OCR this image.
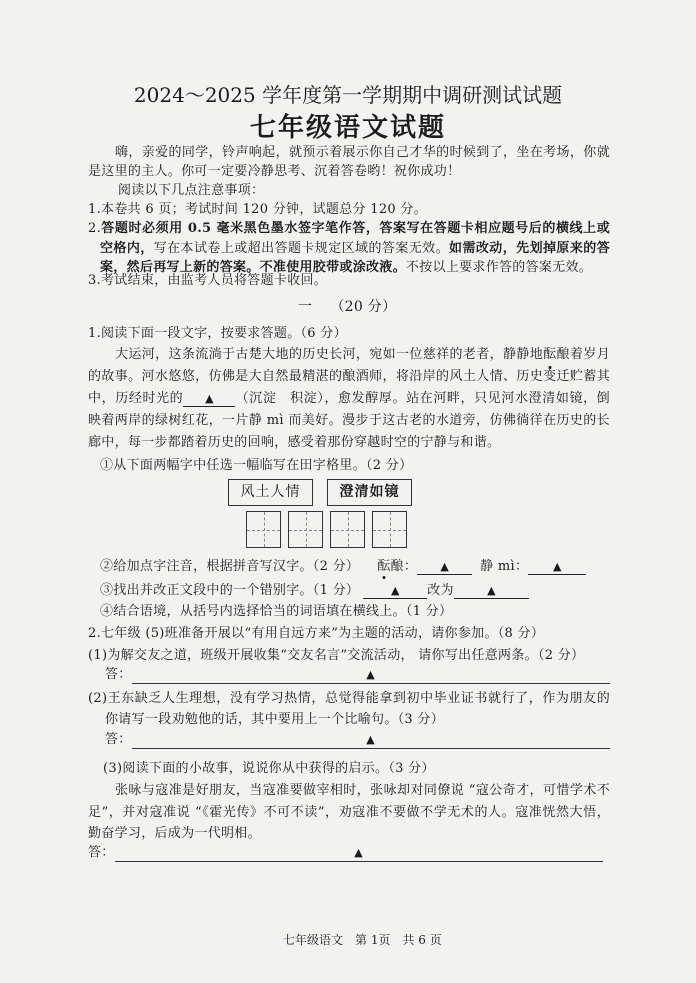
2024～2025 学年度第一学期期中调研测试试题
七年级语文试题
嗨，亲爱的同学，铃声响起，就预示着展示你自己才华的时候到了，坐在考场，你就是这里的主人。你可一定要冷静思考、沉着答卷哟！祝你成功！
阅读以下几点注意事项：
1.本卷共 6 页；考试时间 120 分钟，试题总分 120 分。
2.答题时必须用 0.5 毫米黑色墨水签字笔作答，答案写在答题卡相应题号后的横线上或空格内，写在本试卷上或超出答题卡规定区域的答案无效。如需改动，先划掉原来的答案，然后再写上新的答案。不准使用胶带或涂改液。不按以上要求作答的答案无效。
3.考试结束，由监考人员将答题卡收回。
一 （20 分）
1.阅读下面一段文字，按要求答题。（6 分）
大运河，这条流淌于古楚大地的历史长河，宛如一位慈祥的老者，静静地酝酿着岁月的故事。河水悠悠，仿佛是大自然最精湛的酿酒师，将沿岸的风土人情、历史变迁贮蓄其中，历经时光的 ▲ （沉淀　积淀），愈发醇厚。站在河畔，只见河水澄清如镜，倒映着两岸的绿树红花，一片静 mì 而美好。漫步于这古老的水道旁，仿佛徜徉在历史的长廊中，每一步都踏着历史的回响，感受着那份穿越时空的宁静与和谐。
①从下面两幅字中任选一幅临写在田字格里。（2 分）
风土人情	澄清如镜
②给加点字注音，根据拼音写汉字。（2 分） 酝酿： ▲ 静 mì： ▲
③找出并改正文段中的一个错别字。（1 分）	▲ 改为	▲
④结合语境，从括号内选择恰当的词语填在横线上。（1 分）
2.七年级 (5)班准备开展以“有用自远方来”为主题的活动，请你参加。（8 分）
(1)为解交友之道，班级开展收集“交友名言”交流活动， 请你写出任意两条。（2 分）
答：	▲
(2)王东缺乏人生理想，没有学习热情，总觉得能拿到初中毕业证书就行了，作为朋友的你请写一段劝勉他的话，其中要用上一个比喻句。（3 分）
答：	▲
(3)阅读下面的小故事，说说你从中获得的启示。（3 分）
张咏与寇准是好朋友，当寇准要做宰相时，张咏却对同僚说 “寇公奇才，可惜学术不足”，并对寇准说 “《霍光传》不可不读”，劝寇准不要做不学无术的人。寇准恍然大悟，勤奋学习，后成为一代明相。
答：	▲
七年级语文　第 1页　共 6 页
